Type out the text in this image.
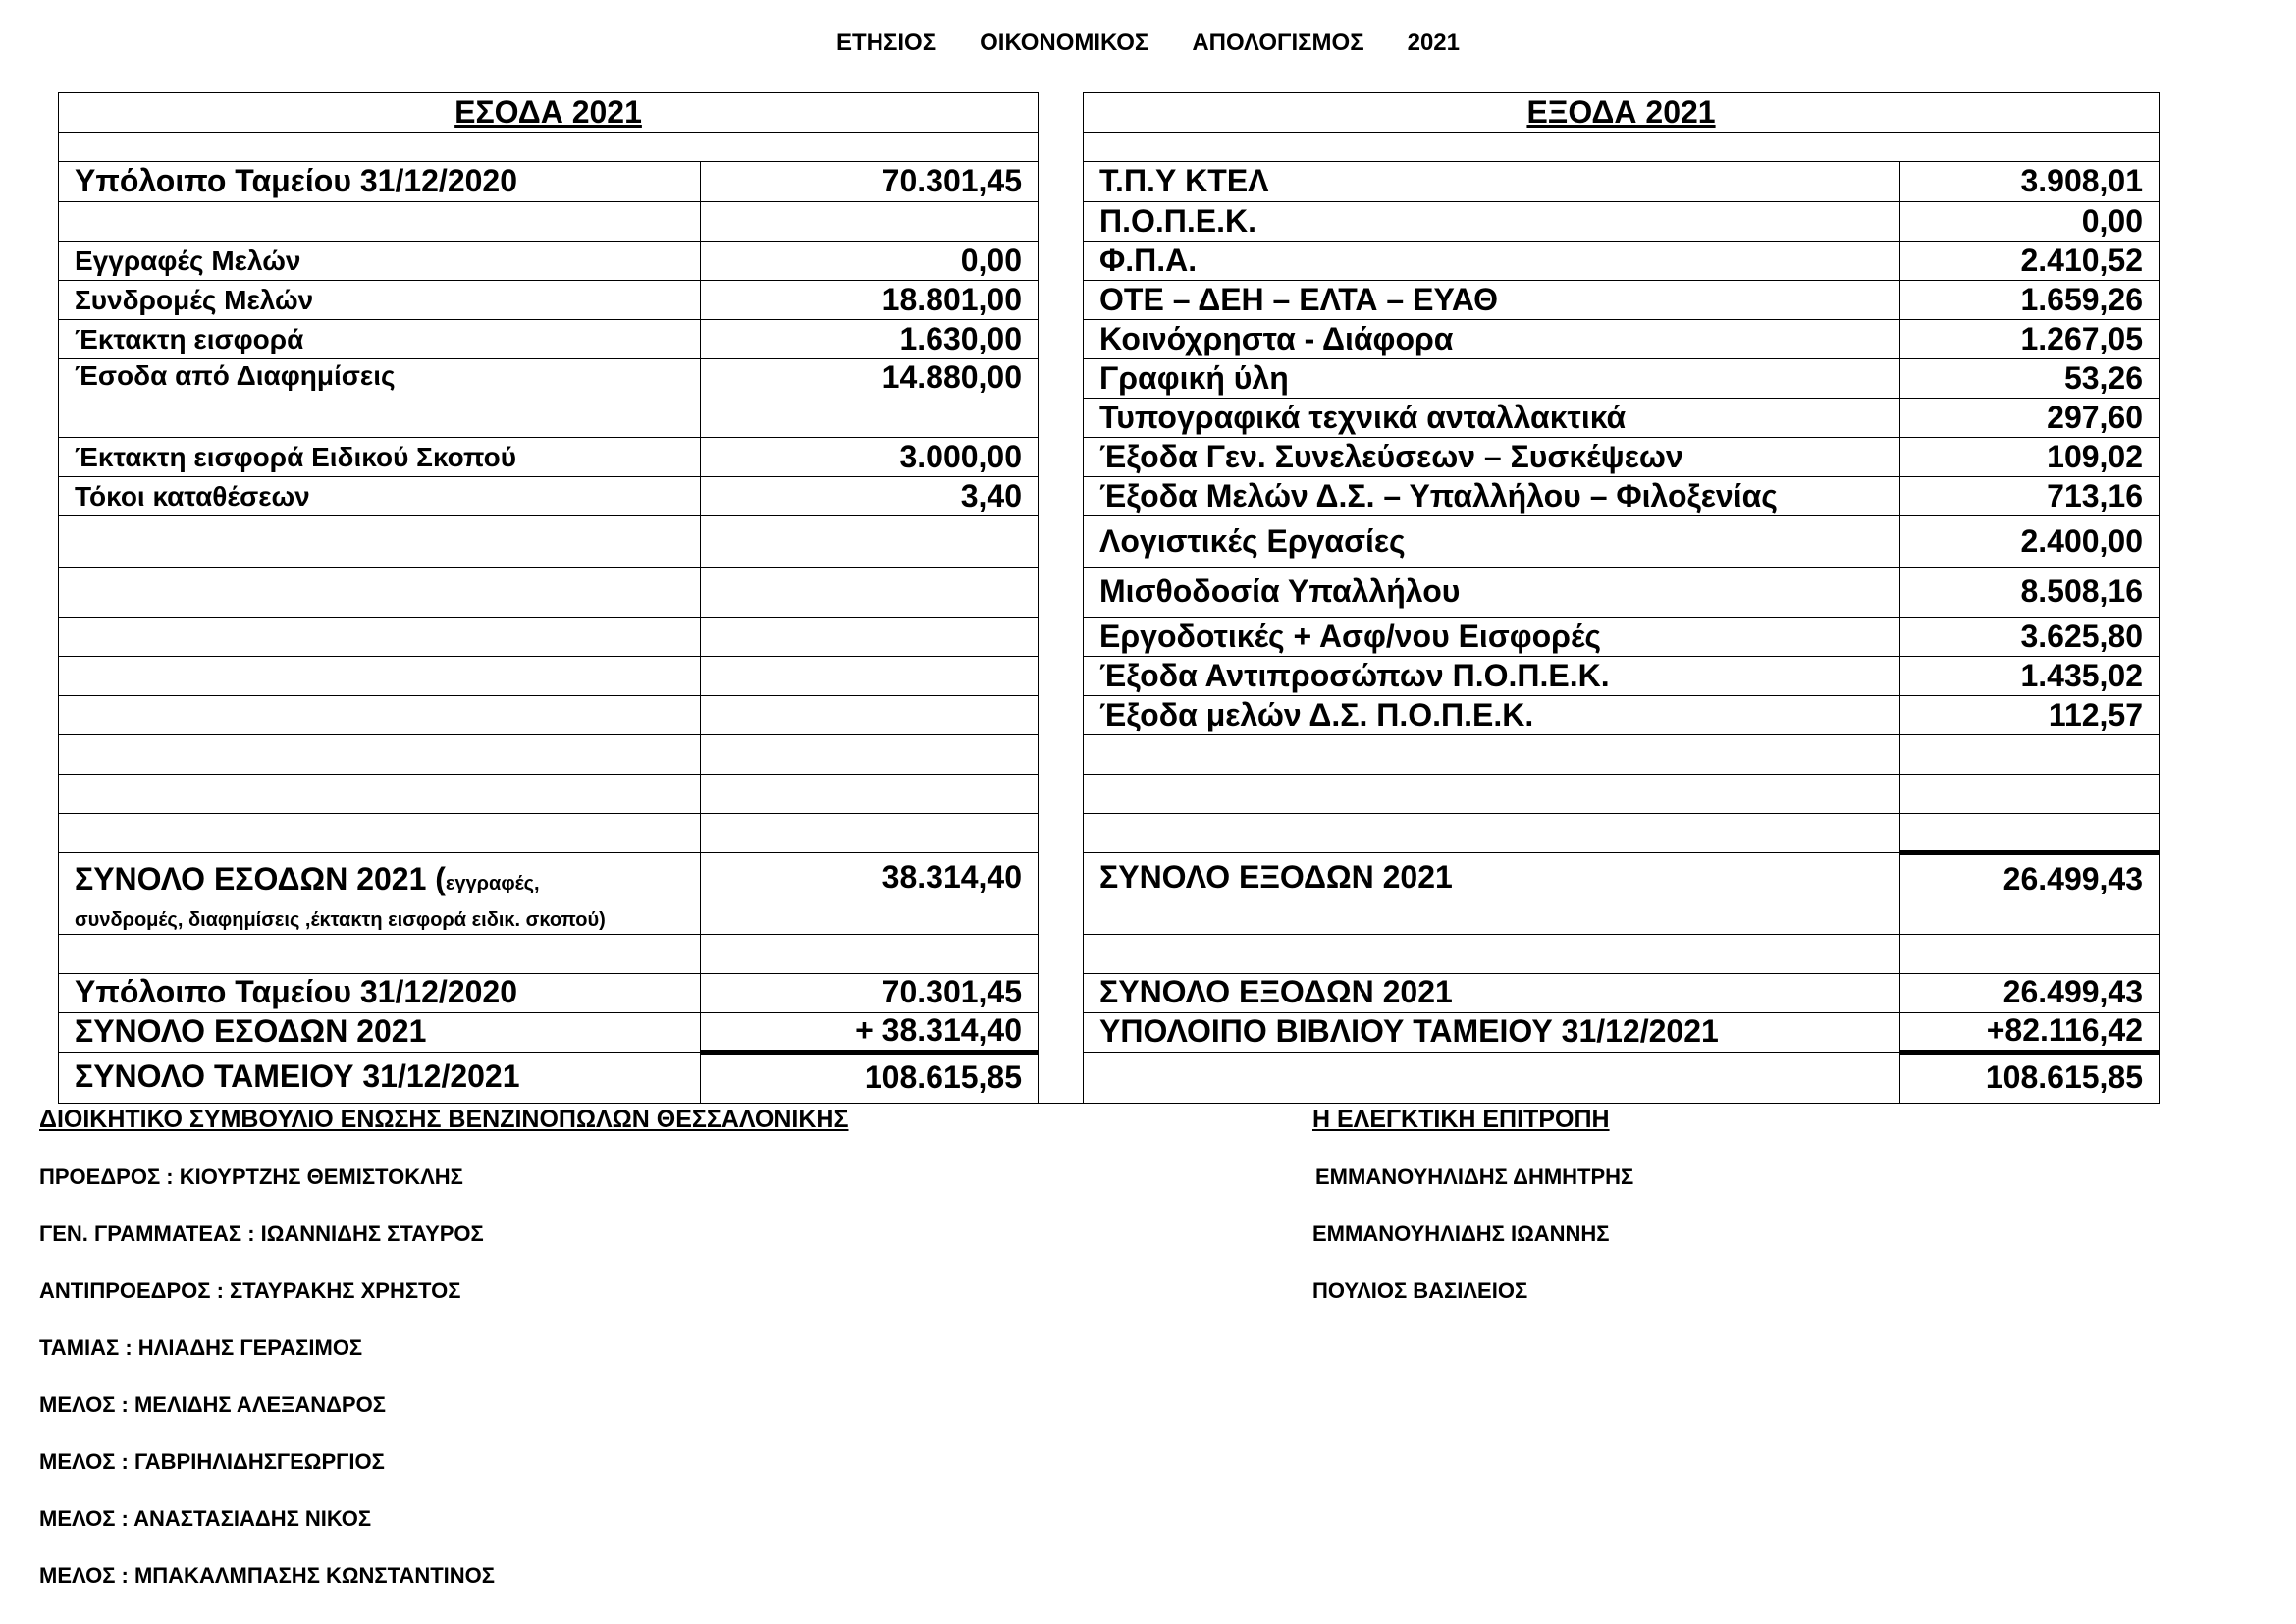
ΕΤΗΣΙΟΣ ΟΙΚΟΝΟΜΙΚΟΣ ΑΠΟΛΟΓΙΣΜΟΣ 2021
ΕΣΟΔΑ 2021			ΕΞΟΔΑ 2021	

Υπόλοιπο Ταμείου 31/12/2020	70.301,45		Τ.Π.Υ ΚΤΕΛ	3.908,01
			Π.Ο.Π.Ε.Κ.	0,00
Εγγραφές Μελών	0,00		Φ.Π.Α.	2.410,52
Συνδρομές Μελών	18.801,00		ΟΤΕ – ΔΕΗ – ΕΛΤΑ – ΕΥΑΘ	1.659,26
Έκτακτη εισφορά	1.630,00		Κοινόχρηστα - Διάφορα	1.267,05
Έσοδα από Διαφημίσεις	14.880,00		Γραφική ύλη	53,26
			Τυπογραφικά τεχνικά ανταλλακτικά	297,60
Έκτακτη εισφορά Ειδικού Σκοπού	3.000,00		Έξοδα Γεν. Συνελεύσεων – Συσκέψεων	109,02
Τόκοι καταθέσεων	3,40		Έξοδα Μελών Δ.Σ. – Υπαλλήλου – Φιλοξενίας	713,16
			Λογιστικές Εργασίες	2.400,00
			Μισθοδοσία Υπαλλήλου	8.508,16
			Εργοδοτικές + Ασφ/νου Εισφορές	3.625,80
			Έξοδα Αντιπροσώπων Π.Ο.Π.Ε.Κ.	1.435,02
			Έξοδα μελών Δ.Σ. Π.Ο.Π.Ε.Κ.	112,57

ΣΥΝΟΛΟ ΕΣΟΔΩΝ 2021 (εγγραφές,
συνδρομές, διαφημίσεις ,έκτακτη εισφορά ειδικ. σκοπού)	38.314,40		ΣΥΝΟΛΟ ΕΞΟΔΩΝ 2021	26.499,43

Υπόλοιπο Ταμείου 31/12/2020	70.301,45		ΣΥΝΟΛΟ ΕΞΟΔΩΝ 2021	26.499,43
ΣΥΝΟΛΟ ΕΣΟΔΩΝ 2021	+ 38.314,40		ΥΠΟΛΟΙΠΟ ΒΙΒΛΙΟΥ ΤΑΜΕΙΟΥ 31/12/2021	+82.116,42
ΣΥΝΟΛΟ ΤΑΜΕΙΟΥ 31/12/2021	108.615,85			108.615,85
ΔΙΟΙΚΗΤΙΚΟ ΣΥΜΒΟΥΛΙΟ ΕΝΩΣΗΣ ΒΕΝΖΙΝΟΠΩΛΩΝ ΘΕΣΣΑΛΟΝΙΚΗΣ
ΠΡΟΕΔΡΟΣ : ΚΙΟΥΡΤΖΗΣ ΘΕΜΙΣΤΟΚΛΗΣ
ΓΕΝ. ΓΡΑΜΜΑΤΕΑΣ : ΙΩΑΝΝΙΔΗΣ ΣΤΑΥΡΟΣ
ΑΝΤΙΠΡΟΕΔΡΟΣ : ΣΤΑΥΡΑΚΗΣ ΧΡΗΣΤΟΣ
ΤΑΜΙΑΣ : ΗΛΙΑΔΗΣ ΓΕΡΑΣΙΜΟΣ
ΜΕΛΟΣ : ΜΕΛΙΔΗΣ ΑΛΕΞΑΝΔΡΟΣ
ΜΕΛΟΣ : ΓΑΒΡΙΗΛΙΔΗΣΓΕΩΡΓΙΟΣ
ΜΕΛΟΣ : ΑΝΑΣΤΑΣΙΑΔΗΣ ΝΙΚΟΣ
ΜΕΛΟΣ : ΜΠΑΚΑΛΜΠΑΣΗΣ ΚΩΝΣΤΑΝΤΙΝΟΣ
Η ΕΛΕΓΚΤΙΚΗ ΕΠΙΤΡΟΠΗ
ΕΜΜΑΝΟΥΗΛΙΔΗΣ ΔΗΜΗΤΡΗΣ
ΕΜΜΑΝΟΥΗΛΙΔΗΣ ΙΩΑΝΝΗΣ
ΠΟΥΛΙΟΣ ΒΑΣΙΛΕΙΟΣ
